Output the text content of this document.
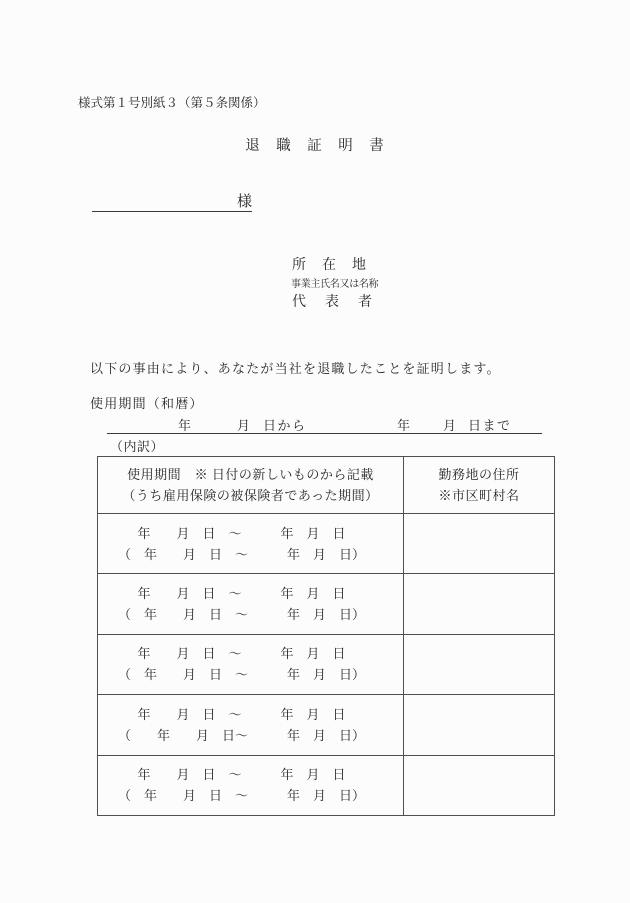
様式第１号別紙３（第５条関係）
退　職　証　明　書
様
所　在　地
事業主氏名又は名称
代　表　者
以下の事由により、あなたが当社を退職したことを証明します。
使用期間（和暦）

年

	月

日から

	年

月

日まで

（内訳）
使用期間　※ 日付の新しいものから記載
（うち雇用保険の被保険者であった期間）

勤務地の住所
※市区町村名

年　　月　日　～　　　年　月　日
（　年　　月　日　～　　　年　月　日）	

年　　月　日　～　　　年　月　日
（　年　　月　日　～　　　年　月　日）	

年　　月　日　～　　　年　月　日
（　年　　月　日　～　　　年　月　日）	

年　　月　日　～　　　年　月　日
（　　年　　月　日～　　　年　月　日）	

年　　月　日　～　　　年　月　日
（　年　　月　日　～　　　年　月　日）	
